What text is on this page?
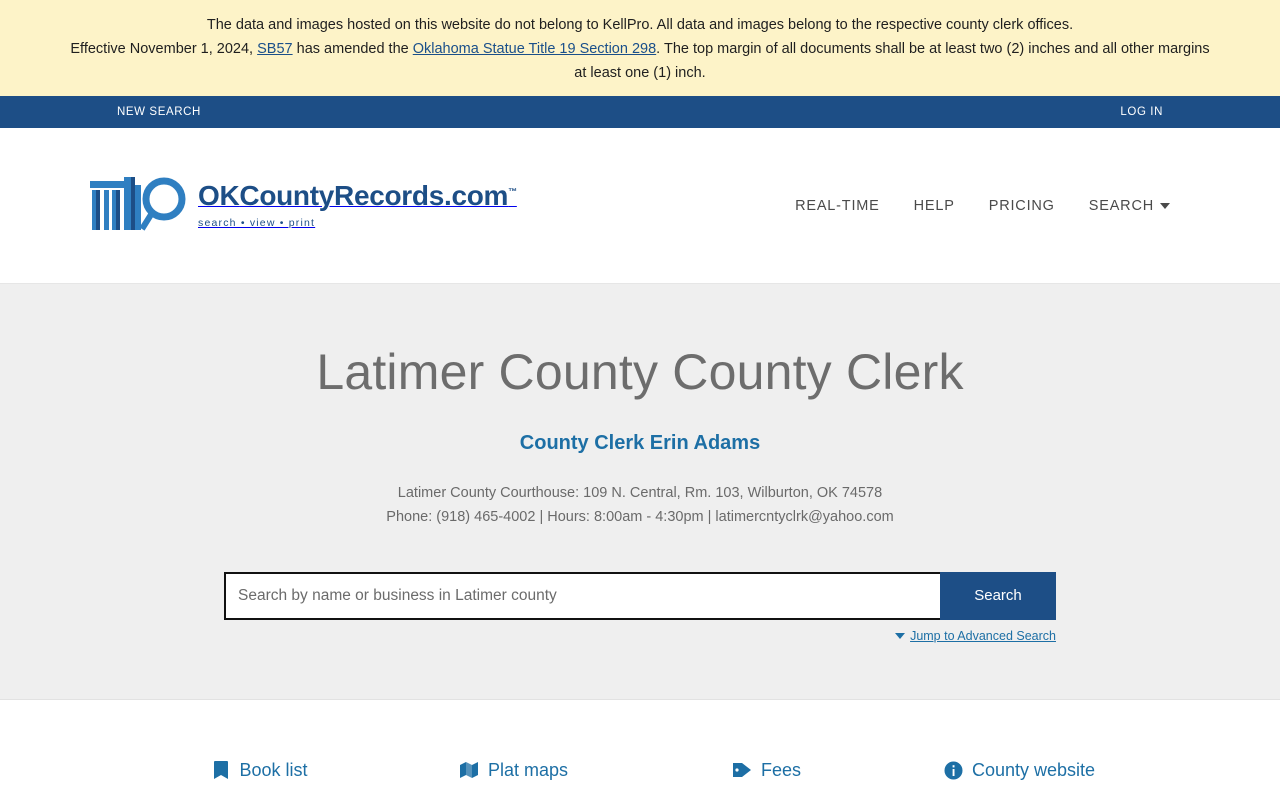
The data and images hosted on this website do not belong to KellPro. All data and images belong to the respective county clerk offices.
Effective November 1, 2024, SB57 has amended the Oklahoma Statue Title 19 Section 298. The top margin of all documents shall be at least two (2) inches and all other margins
at least one (1) inch.
NEW SEARCH	LOG IN
OKCountyRecords.com™
search • view • print
REAL-TIME HELP PRICING SEARCH
Latimer County County Clerk

County Clerk Erin Adams

Latimer County Courthouse: 109 N. Central, Rm. 103, Wilburton, OK 74578
Phone: (918) 465-4002 | Hours: 8:00am - 4:30pm | latimercntyclrk@yahoo.com

Search by name or business in Latimer county
Search
Jump to Advanced Search
Book list	Plat maps	Fees	County website
